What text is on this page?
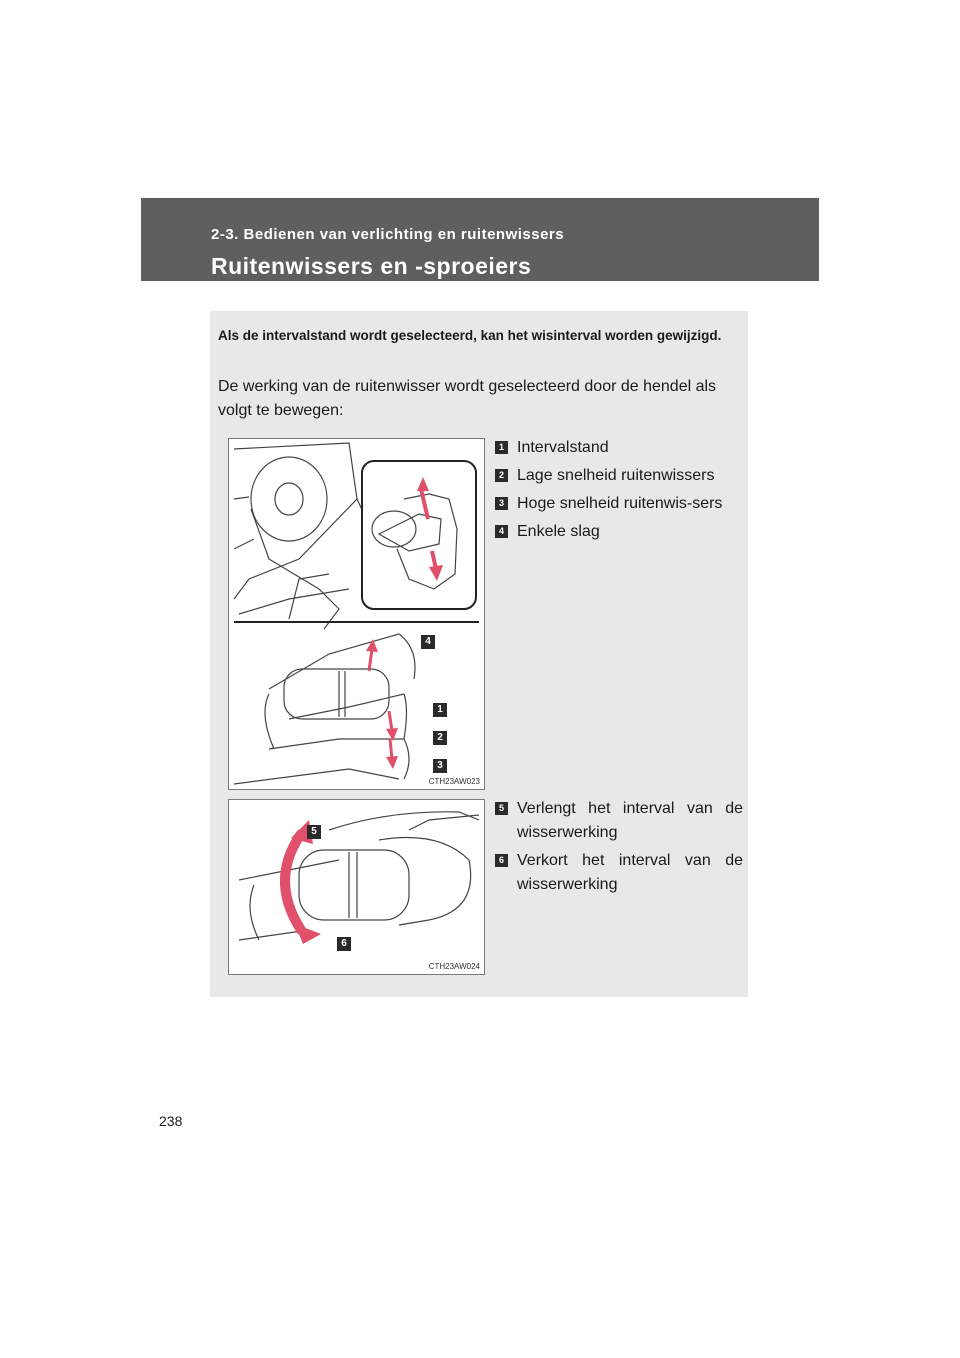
2-3. Bedienen van verlichting en ruitenwissers
Ruitenwissers en -sproeiers
Als de intervalstand wordt geselecteerd, kan het wisinterval worden gewijzigd.
De werking van de ruitenwisser wordt geselecteerd door de hendel als volgt te bewegen:
4
1
2
3
CTH23AW023
1 Intervalstand
2 Lage snelheid ruitenwissers
3 Hoge snelheid ruitenwis-sers
4 Enkele slag
5
6
CTH23AW024
5 Verlengt het interval van de wisserwerking
6 Verkort het interval van de wisserwerking
238
